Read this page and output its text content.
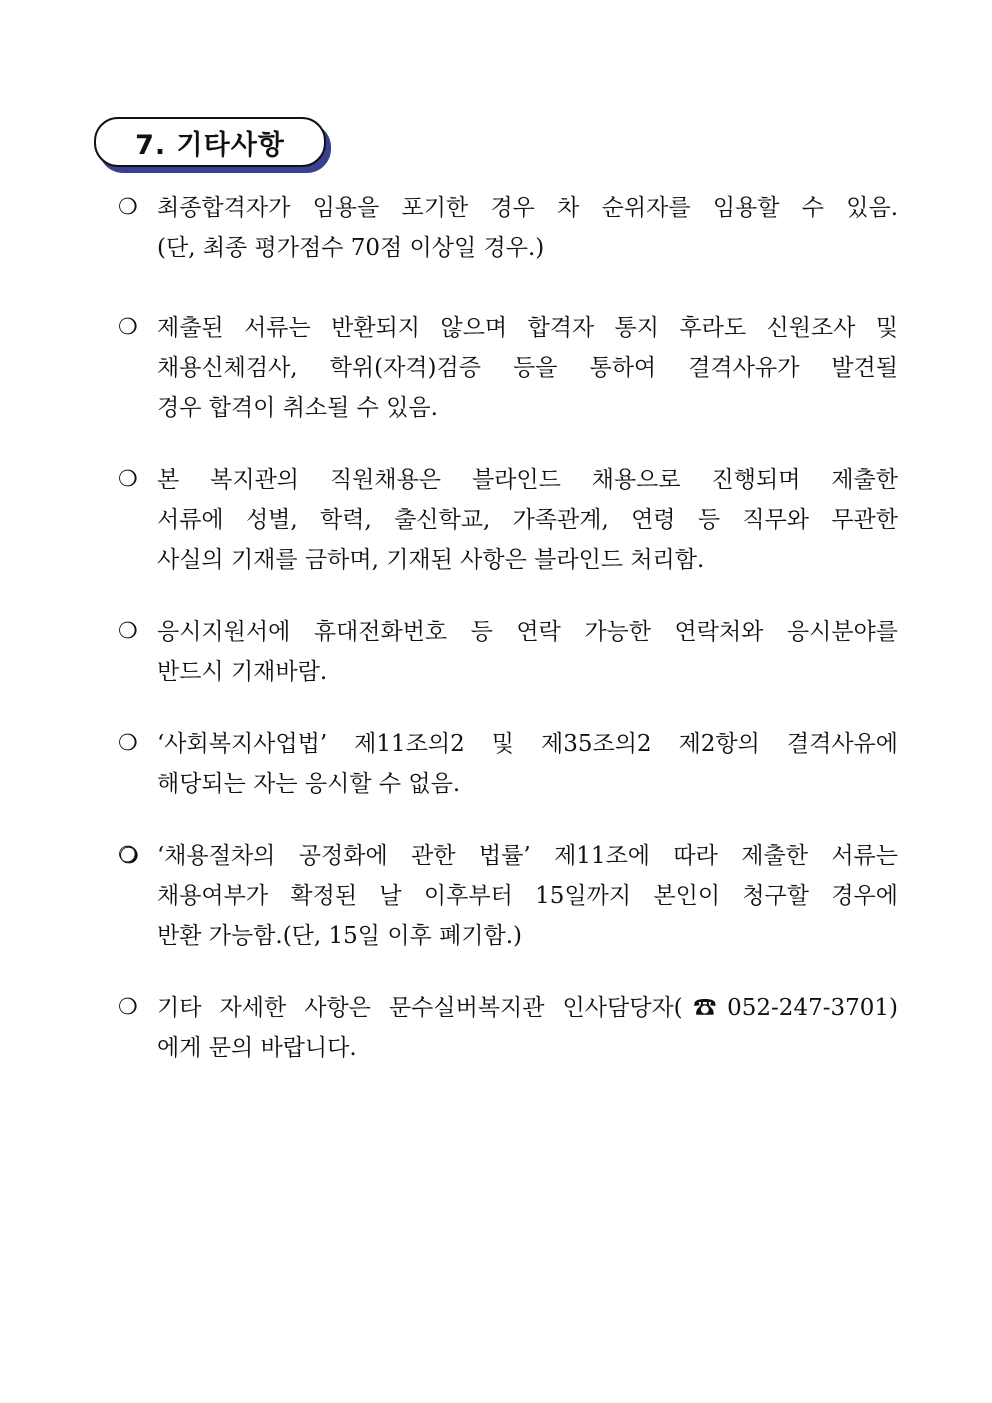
7. 기타사항
❍ 최종합격자가 임용을 포기한 경우 차 순위자를 임용할 수 있음.
(단, 최종 평가점수 70점 이상일 경우.)
❍ 제출된 서류는 반환되지 않으며 합격자 통지 후라도 신원조사 및
채용신체검사, 학위(자격)검증 등을 통하여 결격사유가 발견될
경우 합격이 취소될 수 있음.
❍ 본 복지관의 직원채용은 블라인드 채용으로 진행되며 제출한
서류에 성별, 학력, 출신학교, 가족관계, 연령 등 직무와 무관한
사실의 기재를 금하며, 기재된 사항은 블라인드 처리함.
❍ 응시지원서에 휴대전화번호 등 연락 가능한 연락처와 응시분야를
반드시 기재바람.
❍ ‘사회복지사업법’ 제11조의2 및 제35조의2 제2항의 결격사유에
해당되는 자는 응시할 수 없음.
❍ ‘채용절차의 공정화에 관한 법률’ 제11조에 따라 제출한 서류는
채용여부가 확정된 날 이후부터 15일까지 본인이 청구할 경우에
반환 가능함.(단, 15일 이후 폐기함.)
❍ 기타 자세한 사항은 문수실버복지관 인사담당자(☎052-247-3701)
에게 문의 바랍니다.
